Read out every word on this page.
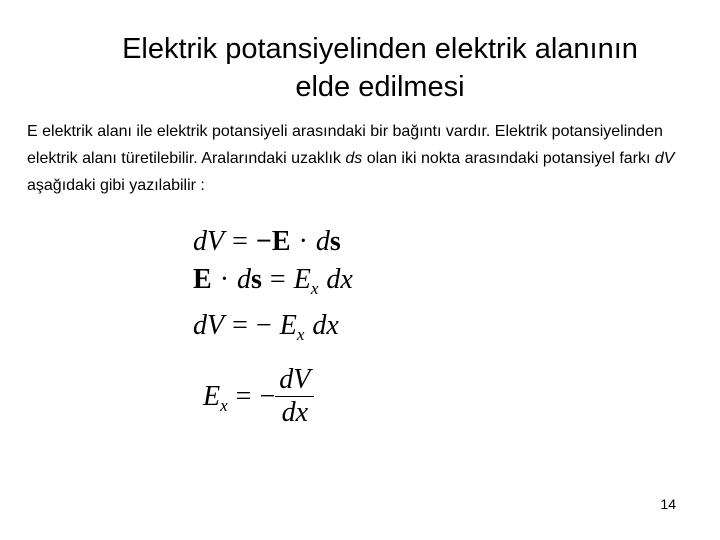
Elektrik potansiyelinden elektrik alanının
elde edilmesi
E elektrik alanı ile elektrik potansiyeli arasındaki bir bağıntı vardır. Elektrik potansiyelinden elektrik alanı türetilebilir. Aralarındaki uzaklık ds olan iki nokta arasındaki potansiyel farkı dV aşağıdaki gibi yazılabilir :
dV = −E · ds
E · ds = $E_x$ dx
dV = − $E_x$ dx
$E_x$ = − $\frac{dV}{dx}$
14
